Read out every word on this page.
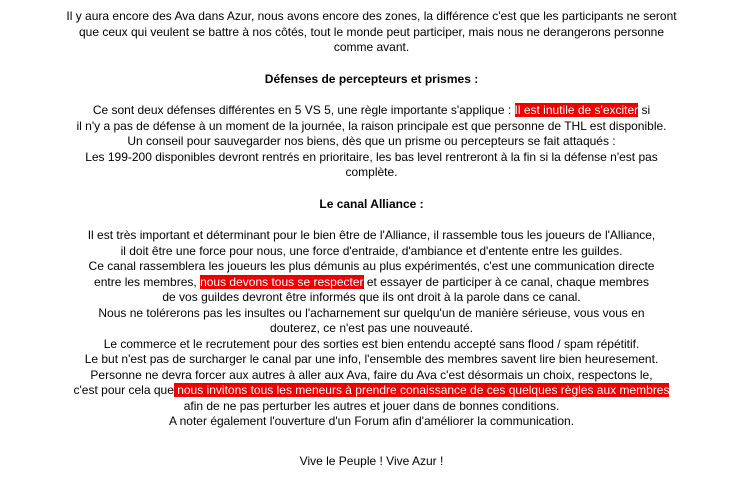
Il y aura encore des Ava dans Azur, nous avons encore des zones, la différence c'est que les participants ne seront
que ceux qui veulent se battre à nos côtés, tout le monde peut participer, mais nous ne derangerons personne
comme avant.
Défenses de percepteurs et prismes :
Ce sont deux défenses différentes en 5 VS 5, une règle importante s'applique : Il est inutile de s'exciter si
il n'y a pas de défense à un moment de la journée, la raison principale est que personne de THL est disponible.
Un conseil pour sauvegarder nos biens, dès que un prisme ou percepteurs se fait attaqués :
Les 199-200 disponibles devront rentrés en prioritaire, les bas level rentreront à la fin si la défense n'est pas
complète.
Le canal Alliance :
Il est très important et déterminant pour le bien être de l'Alliance, il rassemble tous les joueurs de l'Alliance,
il doit être une force pour nous, une force d'entraide, d'ambiance et d'entente entre les guildes.
Ce canal rassemblera les joueurs les plus démunis au plus expérimentés, c'est une communication directe
entre les membres, nous devons tous se respecter et essayer de participer à ce canal, chaque membres
de vos guildes devront être informés que ils ont droit à la parole dans ce canal.
Nous ne tolérerons pas les insultes ou l'acharnement sur quelqu'un de manière sérieuse, vous vous en
douterez, ce n'est pas une nouveauté.
Le commerce et le recrutement pour des sorties est bien entendu accepté sans flood / spam répétitif.
Le but n'est pas de surcharger le canal par une info, l'ensemble des membres savent lire bien heuresement.
Personne ne devra forcer aux autres à aller aux Ava, faire du Ava c'est désormais un choix, respectons le,
c'est pour cela que nous invitons tous les meneurs à prendre conaissance de ces quelques règles aux membres
afin de ne pas perturber les autres et jouer dans de bonnes conditions.
A noter également l'ouverture d'un Forum afin d'améliorer la communication.
Vive le Peuple ! Vive Azur !
